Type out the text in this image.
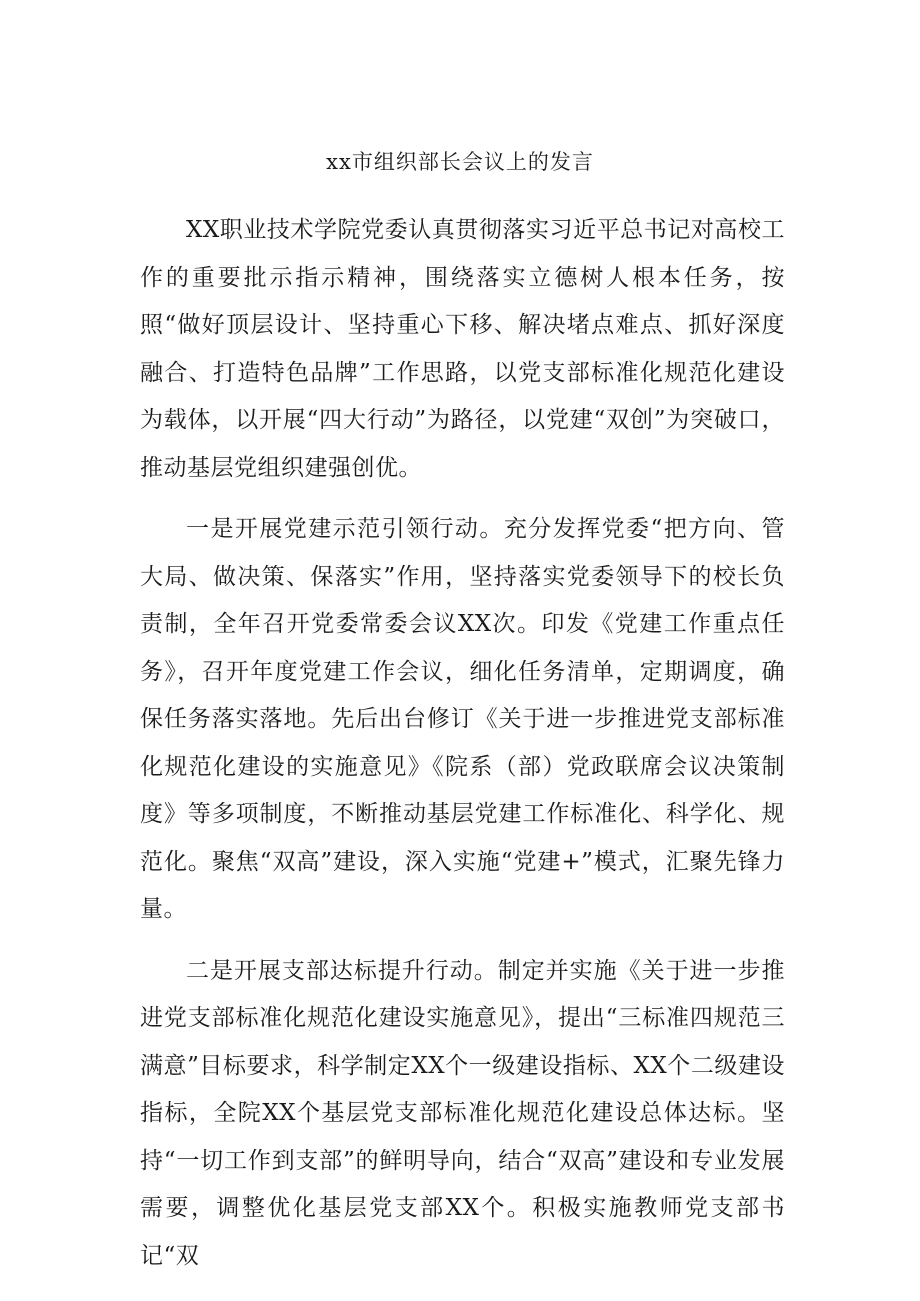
xx市组织部长会议上的发言

XX职业技术学院党委认真贯彻落实习近平总书记对高校工作的重要批示指示精神，围绕落实立德树人根本任务，按照“做好顶层设计、坚持重心下移、解决堵点难点、抓好深度融合、打造特色品牌”工作思路，以党支部标准化规范化建设为载体，以开展“四大行动”为路径，以党建“双创”为突破口，推动基层党组织建强创优。

一是开展党建示范引领行动。充分发挥党委“把方向、管大局、做决策、保落实”作用，坚持落实党委领导下的校长负责制，全年召开党委常委会议XX次。印发《党建工作重点任务》，召开年度党建工作会议，细化任务清单，定期调度，确保任务落实落地。先后出台修订《关于进一步推进党支部标准化规范化建设的实施意见》《院系（部）党政联席会议决策制度》等多项制度，不断推动基层党建工作标准化、科学化、规范化。聚焦“双高”建设，深入实施“党建+”模式，汇聚先锋力量。

二是开展支部达标提升行动。制定并实施《关于进一步推进党支部标准化规范化建设实施意见》，提出“三标准四规范三满意”目标要求，科学制定XX个一级建设指标、XX个二级建设指标，全院XX个基层党支部标准化规范化建设总体达标。坚持“一切工作到支部”的鲜明导向，结合“双高”建设和专业发展需要，调整优化基层党支部XX个。积极实施教师党支部书记“双
